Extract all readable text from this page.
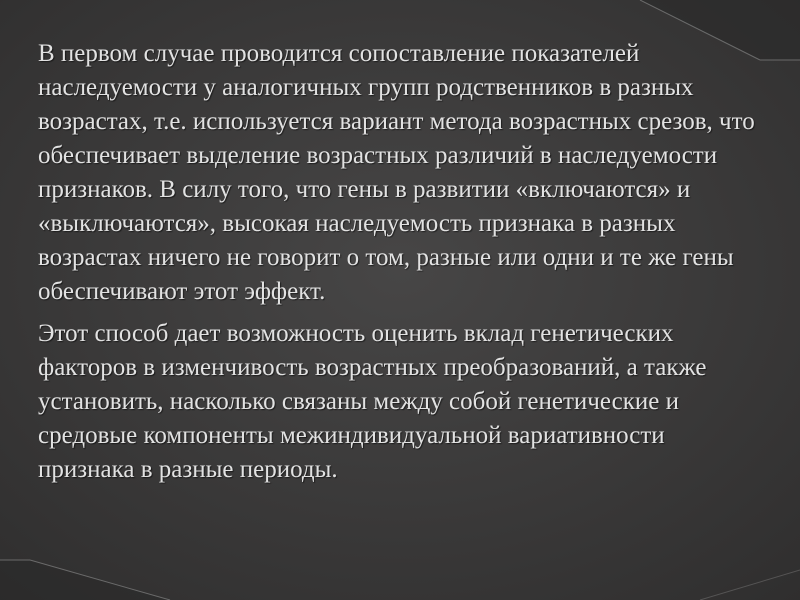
В первом случае проводится сопоставление показателей наследуемости у аналогичных групп родственников в разных возрастах, т.е. используется вариант метода возрастных срезов, что обеспечивает выделение возрастных различий в наследуемости признаков. В силу того, что гены в развитии «включаются» и «выключаются», высокая наследуемость признака в разных возрастах ничего не говорит о том, разные или одни и те же гены обеспечивают этот эффект.

Этот способ дает возможность оценить вклад генетических факторов в изменчивость возрастных преобразований, а также установить, насколько связаны между собой генетические и средовые компоненты межиндивидуальной вариативности признака в разные периоды.
